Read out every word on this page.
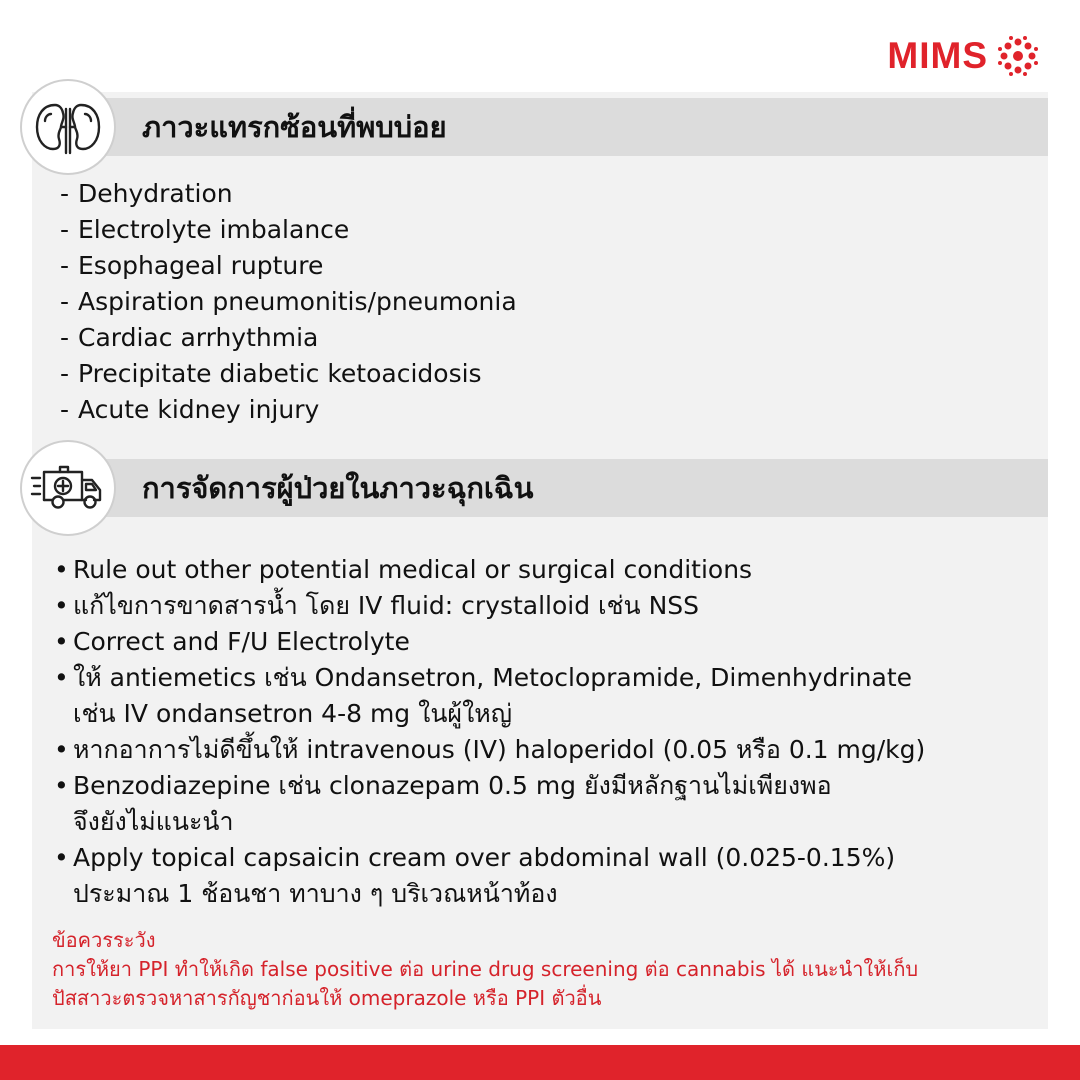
MIMS
ภาวะแทรกซ้อนที่พบบ่อย
- Dehydration
- Electrolyte imbalance
- Esophageal rupture
- Aspiration pneumonitis/pneumonia
- Cardiac arrhythmia
- Precipitate diabetic ketoacidosis
- Acute kidney injury
การจัดการผู้ป่วยในภาวะฉุกเฉิน
• Rule out other potential medical or surgical conditions
• แก้ไขการขาดสารน้ำ โดย IV fluid: crystalloid เช่น NSS
• Correct and F/U Electrolyte
• ให้ antiemetics เช่น Ondansetron, Metoclopramide, Dimenhydrinate
เช่น IV ondansetron 4-8 mg ในผู้ใหญ่
• หากอาการไม่ดีขึ้นให้ intravenous (IV) haloperidol (0.05 หรือ 0.1 mg/kg)
• Benzodiazepine เช่น clonazepam 0.5 mg ยังมีหลักฐานไม่เพียงพอ
จึงยังไม่แนะนำ
• Apply topical capsaicin cream over abdominal wall (0.025-0.15%)
ประมาณ 1 ช้อนชา ทาบาง ๆ บริเวณหน้าท้อง
ข้อควรระวัง
การให้ยา PPI ทำให้เกิด false positive ต่อ urine drug screening ต่อ cannabis ได้ แนะนำให้เก็บ
ปัสสาวะตรวจหาสารกัญชาก่อนให้ omeprazole หรือ PPI ตัวอื่น
